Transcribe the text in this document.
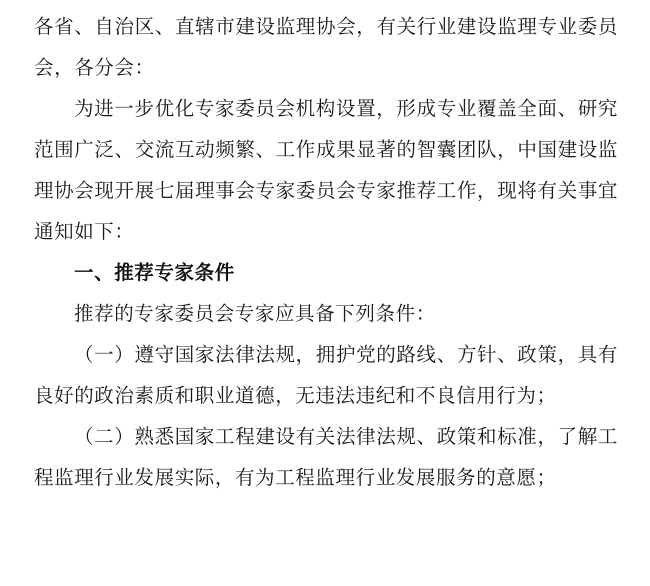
各省、自治区、直辖市建设监理协会，有关行业建设监理专业委员会，各分会：

为进一步优化专家委员会机构设置，形成专业覆盖全面、研究范围广泛、交流互动频繁、工作成果显著的智囊团队，中国建设监理协会现开展七届理事会专家委员会专家推荐工作，现将有关事宜通知如下：

一、推荐专家条件

推荐的专家委员会专家应具备下列条件：

（一）遵守国家法律法规，拥护党的路线、方针、政策，具有良好的政治素质和职业道德，无违法违纪和不良信用行为；

（二）熟悉国家工程建设有关法律法规、政策和标准，了解工程监理行业发展实际，有为工程监理行业发展服务的意愿；
